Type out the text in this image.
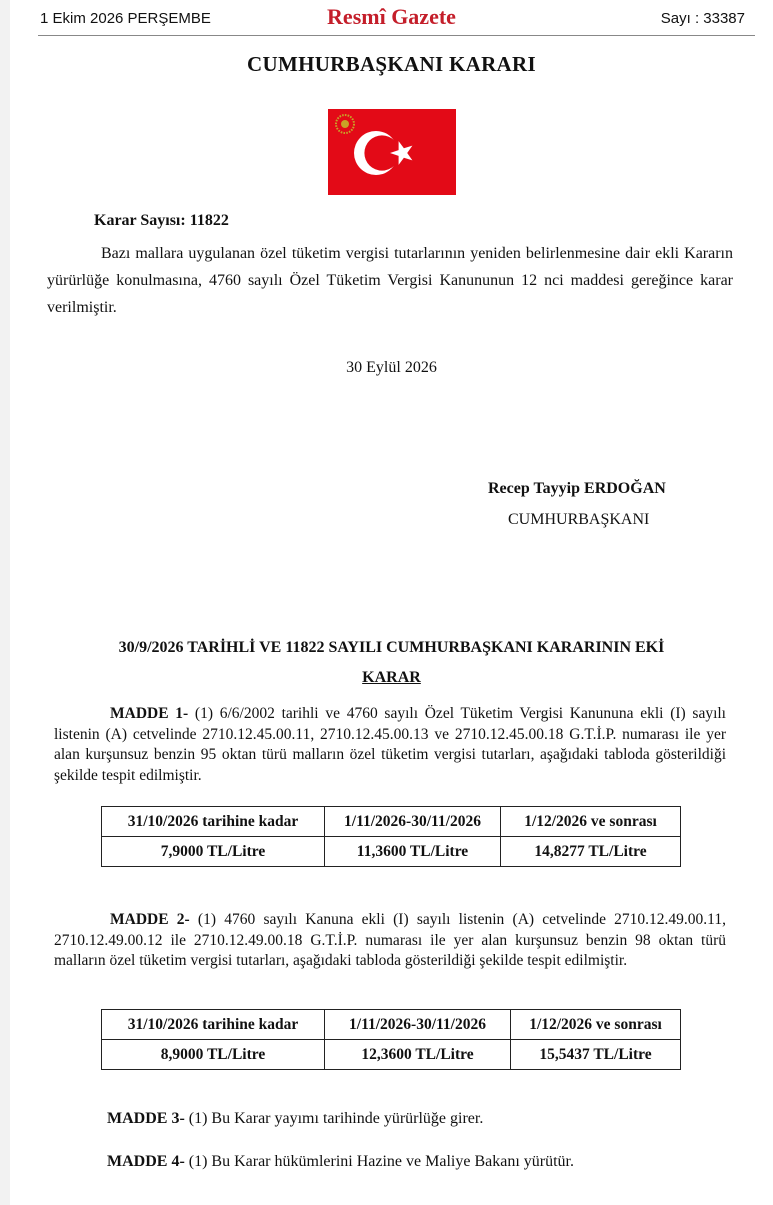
1 Ekim 2026 PERŞEMBE	Resmî Gazete	Sayı : 33387
CUMHURBAŞKANI KARARI
Karar Sayısı: 11822
Bazı mallara uygulanan özel tüketim vergisi tutarlarının yeniden belirlenmesine dair ekli Kararın yürürlüğe konulmasına, 4760 sayılı Özel Tüketim Vergisi Kanununun 12 nci maddesi gereğince karar verilmiştir.
30 Eylül 2026
Recep Tayyip ERDOĞAN
CUMHURBAŞKANI
30/9/2026 TARİHLİ VE 11822 SAYILI CUMHURBAŞKANI KARARININ EKİ
KARAR
MADDE 1- (1) 6/6/2002 tarihli ve 4760 sayılı Özel Tüketim Vergisi Kanununa ekli (I) sayılı listenin (A) cetvelinde 2710.12.45.00.11, 2710.12.45.00.13 ve 2710.12.45.00.18 G.T.İ.P. numarası ile yer alan kurşunsuz benzin 95 oktan türü malların özel tüketim vergisi tutarları, aşağıdaki tabloda gösterildiği şekilde tespit edilmiştir.
31/10/2026 tarihine kadar	1/11/2026-30/11/2026	1/12/2026 ve sonrası
7,9000 TL/Litre	11,3600 TL/Litre	14,8277 TL/Litre
MADDE 2- (1) 4760 sayılı Kanuna ekli (I) sayılı listenin (A) cetvelinde 2710.12.49.00.11, 2710.12.49.00.12 ile 2710.12.49.00.18 G.T.İ.P. numarası ile yer alan kurşunsuz benzin 98 oktan türü malların özel tüketim vergisi tutarları, aşağıdaki tabloda gösterildiği şekilde tespit edilmiştir.
31/10/2026 tarihine kadar	1/11/2026-30/11/2026	1/12/2026 ve sonrası
8,9000 TL/Litre	12,3600 TL/Litre	15,5437 TL/Litre
MADDE 3- (1) Bu Karar yayımı tarihinde yürürlüğe girer.
MADDE 4- (1) Bu Karar hükümlerini Hazine ve Maliye Bakanı yürütür.
